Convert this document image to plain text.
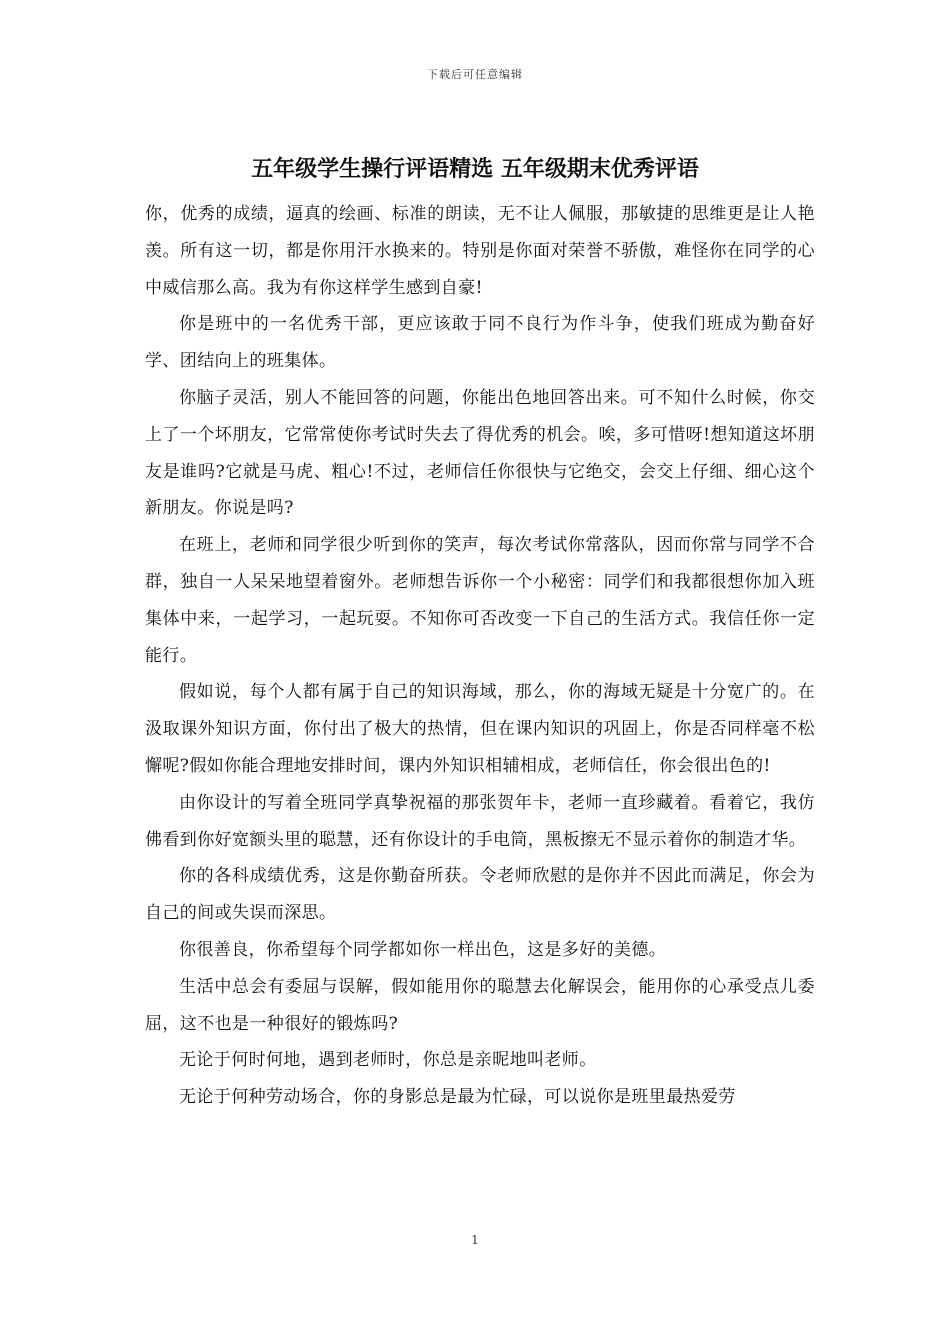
下载后可任意编辑
五年级学生操行评语精选 五年级期末优秀评语

你，优秀的成绩，逼真的绘画、标准的朗读，无不让人佩服，那敏捷的思维更是让人艳羡。所有这一切，都是你用汗水换来的。特别是你面对荣誉不骄傲，难怪你在同学的心中威信那么高。我为有你这样学生感到自豪!

你是班中的一名优秀干部，更应该敢于同不良行为作斗争，使我们班成为勤奋好学、团结向上的班集体。

你脑子灵活，别人不能回答的问题，你能出色地回答出来。可不知什么时候，你交上了一个坏朋友，它常常使你考试时失去了得优秀的机会。唉，多可惜呀!想知道这坏朋友是谁吗?它就是马虎、粗心!不过，老师信任你很快与它绝交，会交上仔细、细心这个新朋友。你说是吗?

在班上，老师和同学很少听到你的笑声，每次考试你常落队，因而你常与同学不合群，独自一人呆呆地望着窗外。老师想告诉你一个小秘密：同学们和我都很想你加入班集体中来，一起学习，一起玩耍。不知你可否改变一下自己的生活方式。我信任你一定能行。

假如说，每个人都有属于自己的知识海域，那么，你的海域无疑是十分宽广的。在汲取课外知识方面，你付出了极大的热情，但在课内知识的巩固上，你是否同样毫不松懈呢?假如你能合理地安排时间，课内外知识相辅相成，老师信任，你会很出色的!

由你设计的写着全班同学真挚祝福的那张贺年卡，老师一直珍藏着。看着它，我仿佛看到你好宽额头里的聪慧，还有你设计的手电筒，黑板擦无不显示着你的制造才华。

你的各科成绩优秀，这是你勤奋所获。令老师欣慰的是你并不因此而满足，你会为自己的间或失误而深思。

你很善良，你希望每个同学都如你一样出色，这是多好的美德。

生活中总会有委屈与误解，假如能用你的聪慧去化解误会，能用你的心承受点儿委屈，这不也是一种很好的锻炼吗?

无论于何时何地，遇到老师时，你总是亲昵地叫老师。

无论于何种劳动场合，你的身影总是最为忙碌，可以说你是班里最热爱劳

1
